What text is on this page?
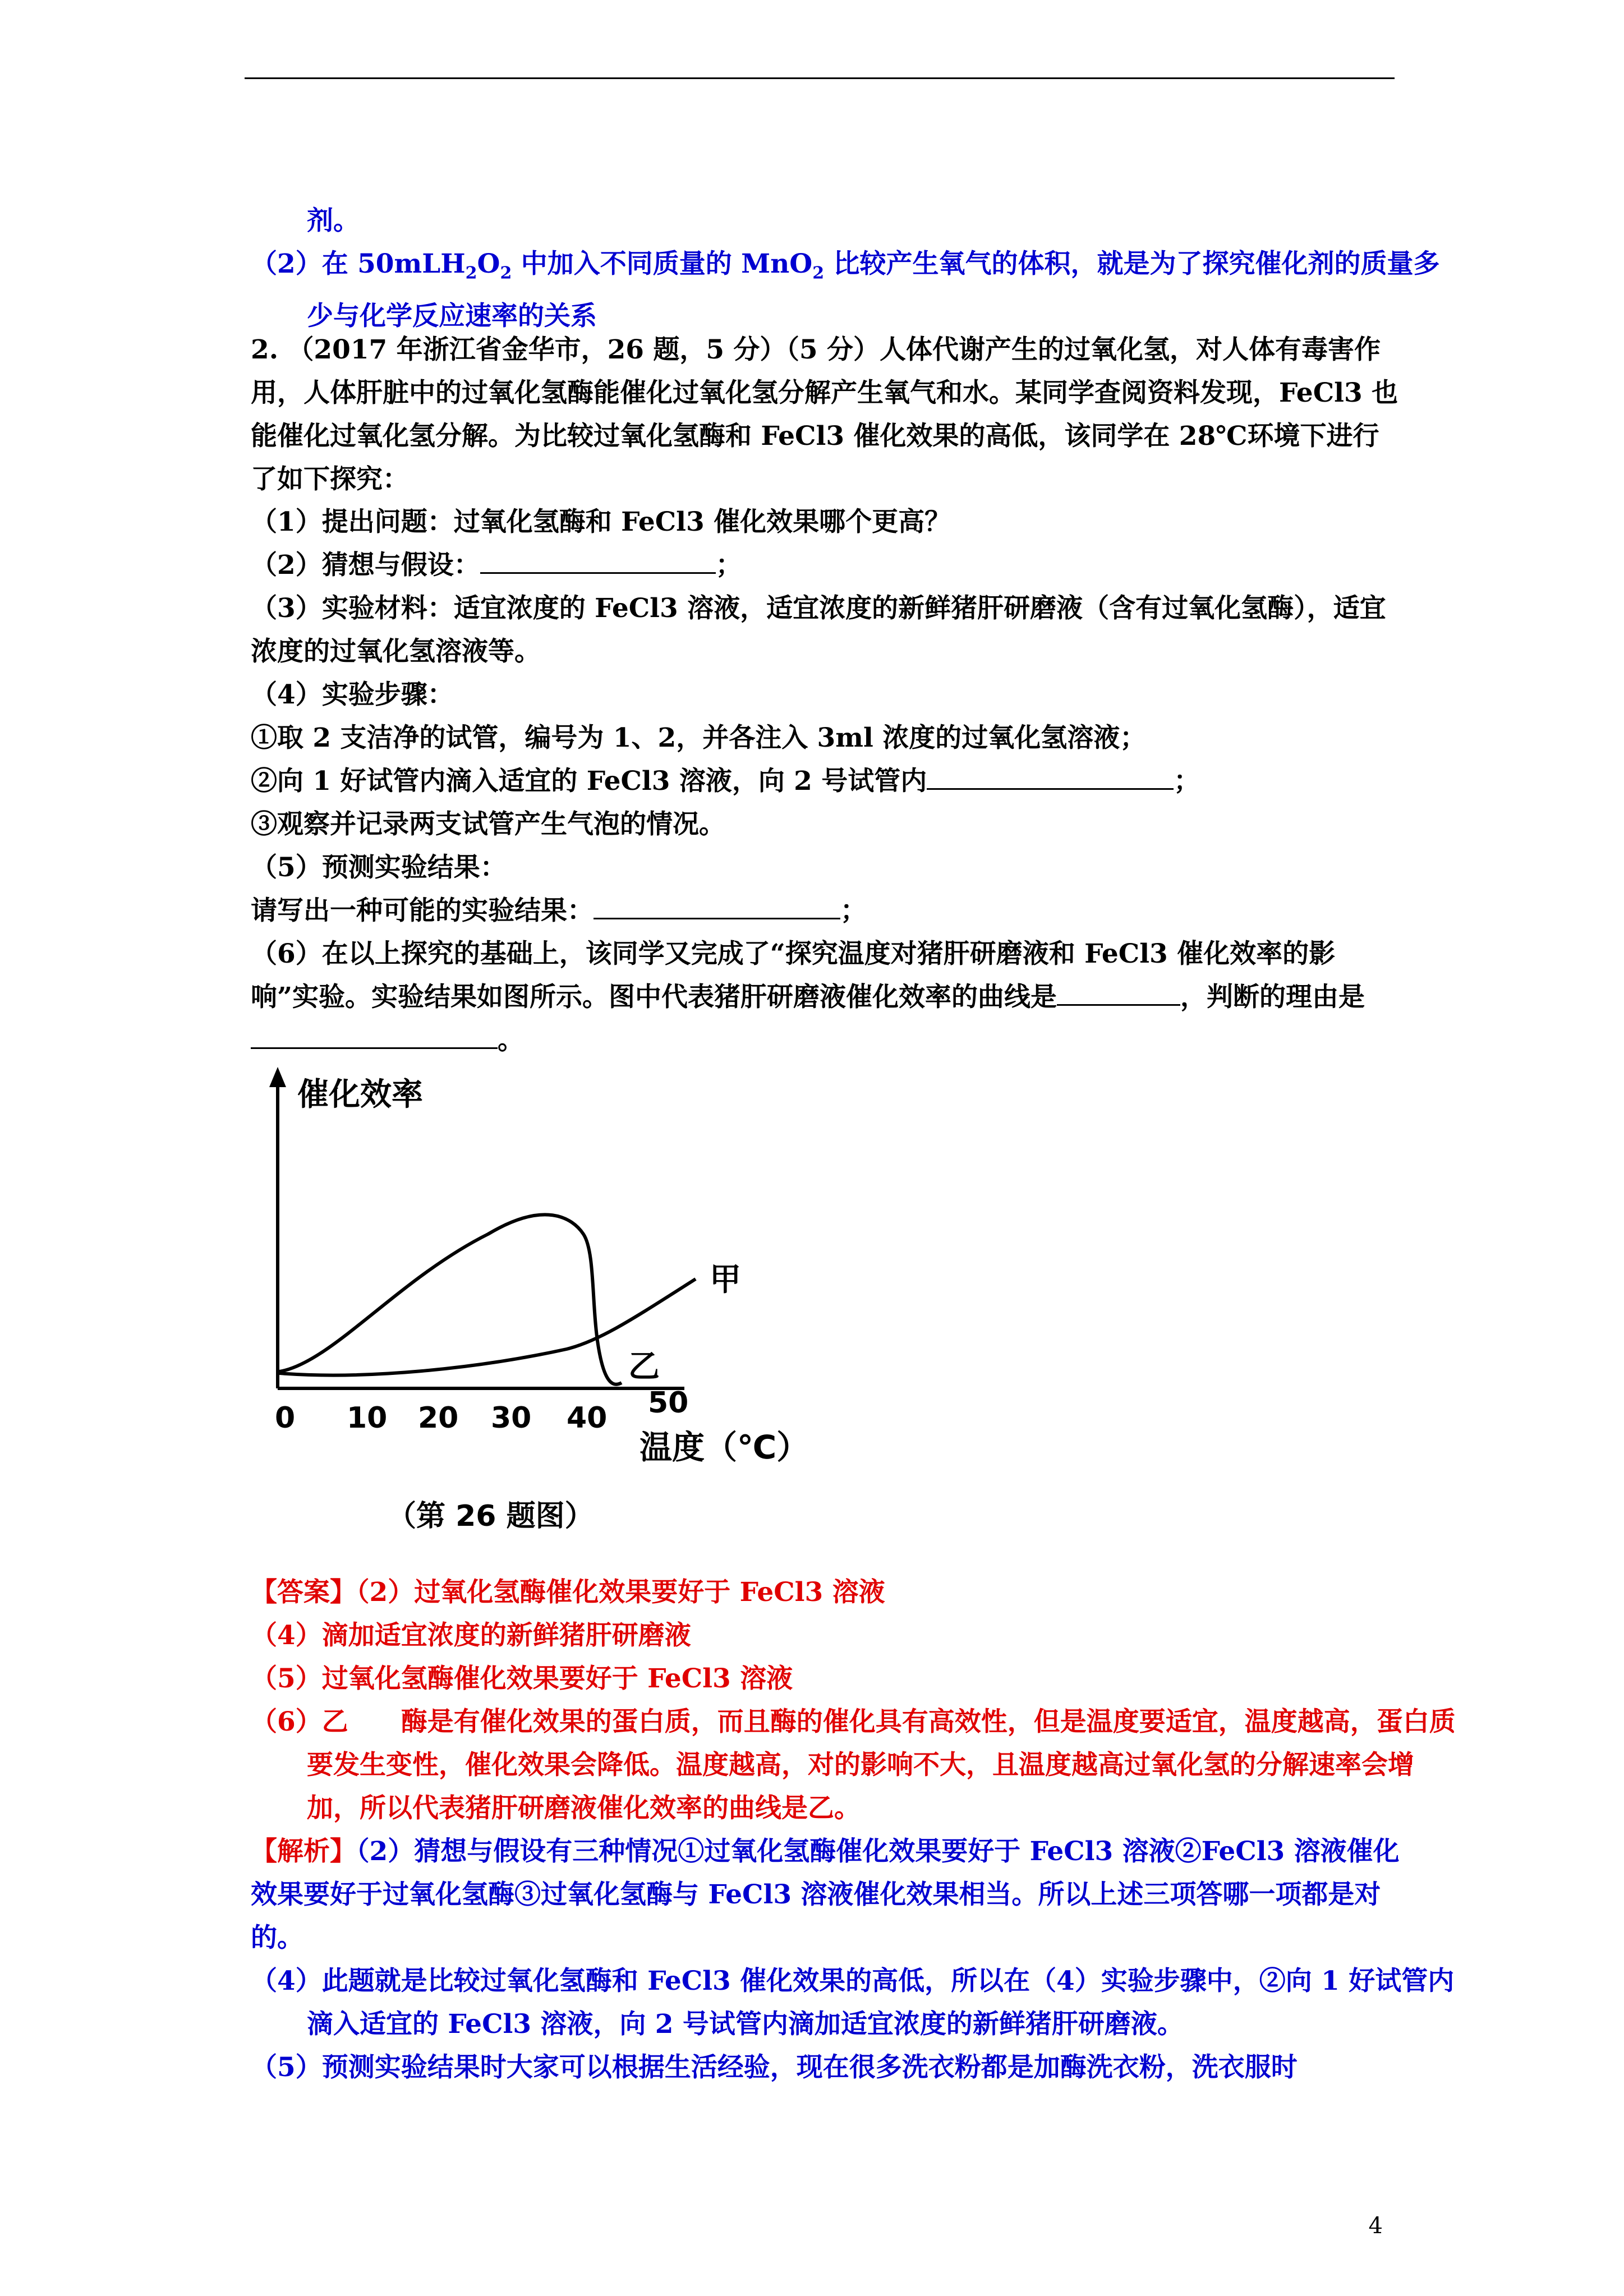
剂。
（2）在 $50mLH_2O_2$ 中加入不同质量的 MnO$_2$ 比较产生氧气的体积，就是为了探究催化剂的质量多少与化学反应速率的关系
2. （2017 年浙江省金华市，26 题，5 分）（5 分）人体代谢产生的过氧化氢，对人体有毒害作用，人体肝脏中的过氧化氢酶能催化过氧化氢分解产生氧气和水。某同学查阅资料发现，FeCl3 也能催化过氧化氢分解。为比较过氧化氢酶和 FeCl3 催化效果的高低，该同学在 28℃环境下进行了如下探究：
（1）提出问题：过氧化氢酶和 FeCl3 催化效果哪个更高？
（2）猜想与假设：	；
（3）实验材料：适宜浓度的 FeCl3 溶液，适宜浓度的新鲜猪肝研磨液（含有过氧化氢酶），适宜浓度的过氧化氢溶液等。
（4）实验步骤：
①取 2 支洁净的试管，编号为 1、2，并各注入 3ml 浓度的过氧化氢溶液；
②向 1 好试管内滴入适宜的 FeCl3 溶液，向 2 号试管内	；
③观察并记录两支试管产生气泡的情况。
（5）预测实验结果：
请写出一种可能的实验结果：	；
（6）在以上探究的基础上，该同学又完成了“探究温度对猪肝研磨液和 FeCl3 催化效率的影响”实验。实验结果如图所示。图中代表猪肝研磨液催化效率的曲线是	，判断的理由是。
催化效率
0 10 20 30 40 50
温度（℃）
甲
乙
（第 26 题图）
【答案】（2）过氧化氢酶催化效果要好于 FeCl3 溶液
（4）滴加适宜浓度的新鲜猪肝研磨液
（5）过氧化氢酶催化效果要好于 FeCl3 溶液
（6）乙　　酶是有催化效果的蛋白质，而且酶的催化具有高效性，但是温度要适宜，温度越高，蛋白质要发生变性，催化效果会降低。温度越高，对的影响不大，且温度越高过氧化氢的分解速率会增加，所以代表猪肝研磨液催化效率的曲线是乙。
【解析】（2）猜想与假设有三种情况①过氧化氢酶催化效果要好于 FeCl3 溶液②FeCl3 溶液催化效果要好于过氧化氢酶③过氧化氢酶与 FeCl3 溶液催化效果相当。所以上述三项答哪一项都是对的。
（4）此题就是比较过氧化氢酶和 FeCl3 催化效果的高低，所以在（4）实验步骤中，②向 1 好试管内滴入适宜的 FeCl3 溶液，向 2 号试管内滴加适宜浓度的新鲜猪肝研磨液。
（5）预测实验结果时大家可以根据生活经验，现在很多洗衣粉都是加酶洗衣粉，洗衣服时
4
